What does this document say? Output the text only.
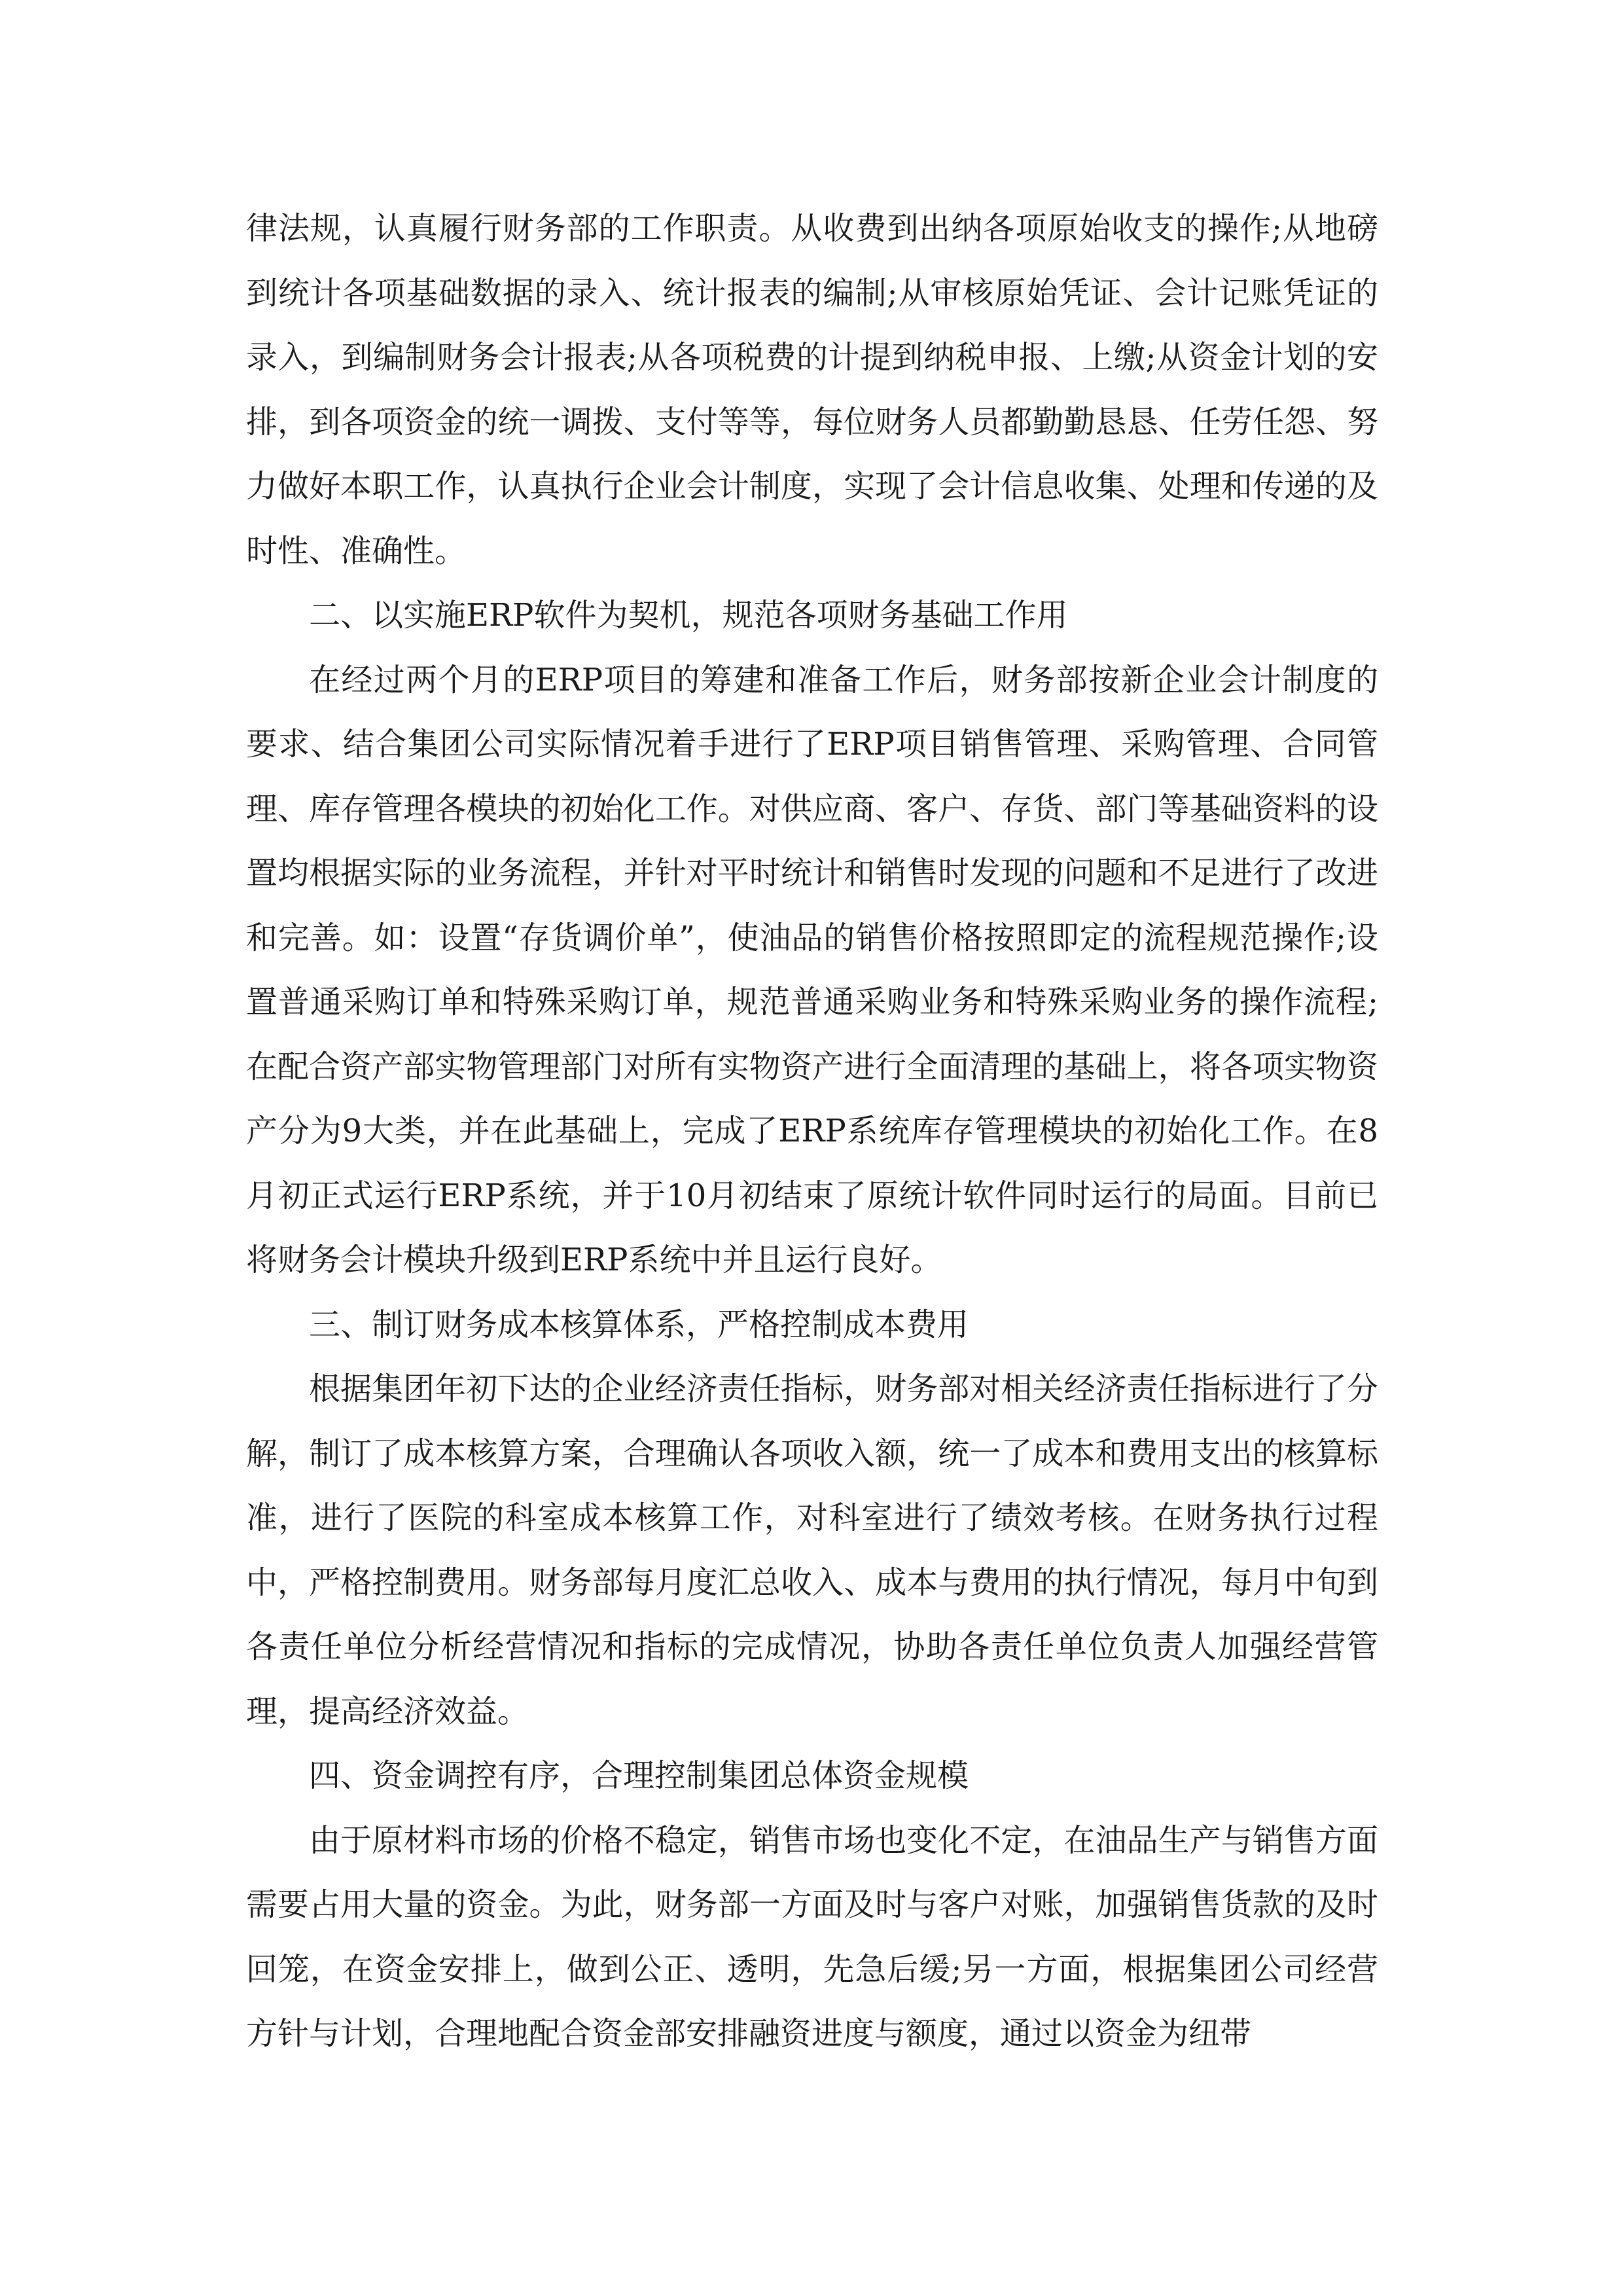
律法规，认真履行财务部的工作职责。从收费到出纳各项原始收支的操作;从地磅到统计各项基础数据的录入、统计报表的编制;从审核原始凭证、会计记账凭证的录入，到编制财务会计报表;从各项税费的计提到纳税申报、上缴;从资金计划的安排，到各项资金的统一调拨、支付等等，每位财务人员都勤勤恳恳、任劳任怨、努力做好本职工作，认真执行企业会计制度，实现了会计信息收集、处理和传递的及时性、准确性。

二、以实施ERP软件为契机，规范各项财务基础工作用

在经过两个月的ERP项目的筹建和准备工作后，财务部按新企业会计制度的要求、结合集团公司实际情况着手进行了ERP项目销售管理、采购管理、合同管理、库存管理各模块的初始化工作。对供应商、客户、存货、部门等基础资料的设置均根据实际的业务流程，并针对平时统计和销售时发现的问题和不足进行了改进和完善。如：设置“存货调价单”，使油品的销售价格按照即定的流程规范操作;设置普通采购订单和特殊采购订单，规范普通采购业务和特殊采购业务的操作流程;在配合资产部实物管理部门对所有实物资产进行全面清理的基础上，将各项实物资产分为9大类，并在此基础上，完成了ERP系统库存管理模块的初始化工作。在8月初正式运行ERP系统，并于10月初结束了原统计软件同时运行的局面。目前已将财务会计模块升级到ERP系统中并且运行良好。

三、制订财务成本核算体系，严格控制成本费用

根据集团年初下达的企业经济责任指标，财务部对相关经济责任指标进行了分解，制订了成本核算方案，合理确认各项收入额，统一了成本和费用支出的核算标准，进行了医院的科室成本核算工作，对科室进行了绩效考核。在财务执行过程中，严格控制费用。财务部每月度汇总收入、成本与费用的执行情况，每月中旬到各责任单位分析经营情况和指标的完成情况，协助各责任单位负责人加强经营管理，提高经济效益。

四、资金调控有序，合理控制集团总体资金规模

由于原材料市场的价格不稳定，销售市场也变化不定，在油品生产与销售方面需要占用大量的资金。为此，财务部一方面及时与客户对账，加强销售货款的及时回笼，在资金安排上，做到公正、透明，先急后缓;另一方面，根据集团公司经营方针与计划，合理地配合资金部安排融资进度与额度，通过以资金为纽带
